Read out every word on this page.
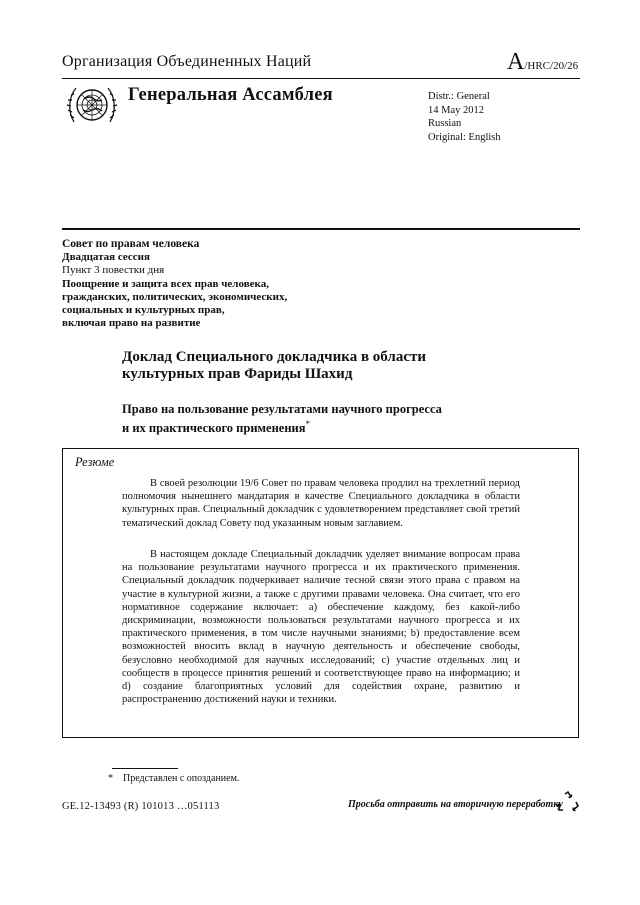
Организация Объединенных Наций	A/HRC/20/26
Генеральная Ассамблея	Distr.: General
14 May 2012
Russian
Original: English
Совет по правам человека
Двадцатая сессия
Пункт 3 повестки дня
Поощрение и защита всех прав человека,
гражданских, политических, экономических,
социальных и культурных прав,
включая право на развитие
Доклад Специального докладчика в области
культурных прав Фариды Шахид
Право на пользование результатами научного прогресса
и их практического применения*
Резюме

В своей резолюции 19/6 Совет по правам человека продлил на трехлетний период полномочия нынешнего мандатария в качестве Специального докладчика в области культурных прав. Специальный докладчик с удовлетворением представляет свой третий тематический доклад Совету под указанным новым заглавием.

В настоящем докладе Специальный докладчик уделяет внимание вопросам права на пользование результатами научного прогресса и их практического применения. Специальный докладчик подчеркивает наличие тесной связи этого права с правом на участие в культурной жизни, а также с другими правами человека. Она считает, что его нормативное содержание включает: a) обеспечение каждому, без какой-либо дискриминации, возможности пользоваться результатами научного прогресса и их практического применения, в том числе научными знаниями; b) предоставление всем возможностей вносить вклад в научную деятельность и обеспечение свободы, безусловно необходимой для научных исследований; c) участие отдельных лиц и сообществ в процессе принятия решений и соответствующее право на информацию; и d) создание благоприятных условий для содействия охране, развитию и распространению достижений науки и техники.

* Представлен с опозданием.
GE.12-13493 (R) 101013 …051113	Просьба отправить на вторичную переработку
